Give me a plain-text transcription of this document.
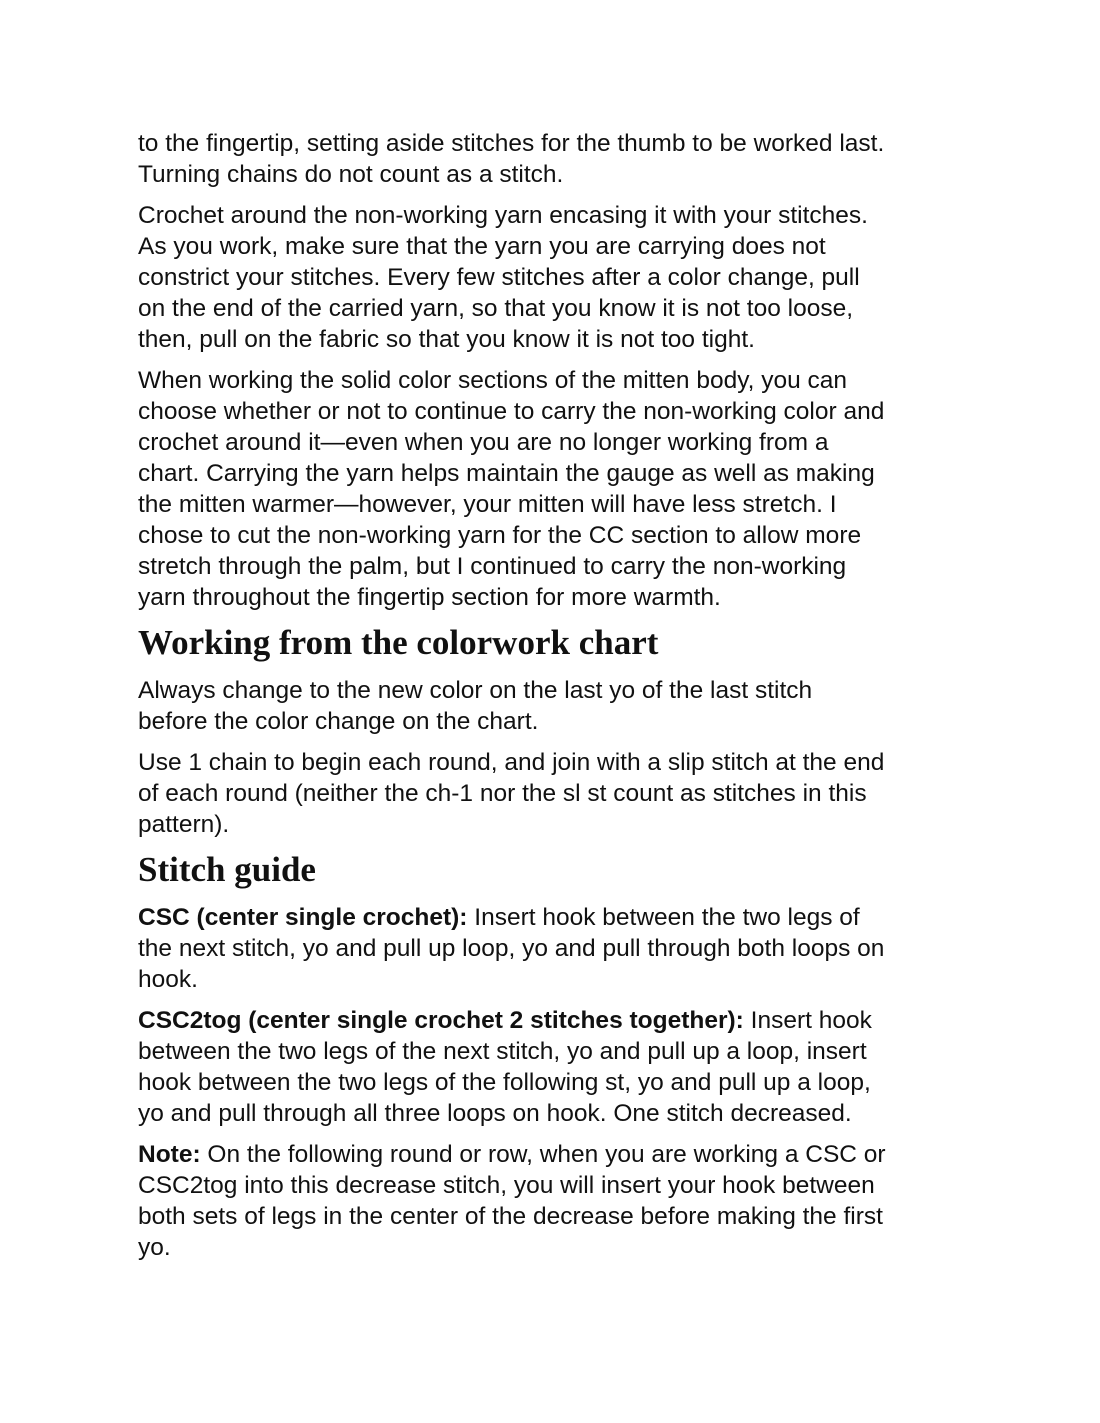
to the fingertip, setting aside stitches for the thumb to be worked last.
Turning chains do not count as a stitch.

Crochet around the non-working yarn encasing it with your stitches.
As you work, make sure that the yarn you are carrying does not
constrict your stitches. Every few stitches after a color change, pull
on the end of the carried yarn, so that you know it is not too loose,
then, pull on the fabric so that you know it is not too tight.

When working the solid color sections of the mitten body, you can
choose whether or not to continue to carry the non-working color and
crochet around it—even when you are no longer working from a
chart. Carrying the yarn helps maintain the gauge as well as making
the mitten warmer—however, your mitten will have less stretch. I
chose to cut the non-working yarn for the CC section to allow more
stretch through the palm, but I continued to carry the non-working
yarn throughout the fingertip section for more warmth.

Working from the colorwork chart

Always change to the new color on the last yo of the last stitch
before the color change on the chart.

Use 1 chain to begin each round, and join with a slip stitch at the end
of each round (neither the ch-1 nor the sl st count as stitches in this
pattern).

Stitch guide

CSC (center single crochet): Insert hook between the two legs of
the next stitch, yo and pull up loop, yo and pull through both loops on
hook.

CSC2tog (center single crochet 2 stitches together): Insert hook
between the two legs of the next stitch, yo and pull up a loop, insert
hook between the two legs of the following st, yo and pull up a loop,
yo and pull through all three loops on hook. One stitch decreased.

Note: On the following round or row, when you are working a CSC or
CSC2tog into this decrease stitch, you will insert your hook between
both sets of legs in the center of the decrease before making the first
yo.
